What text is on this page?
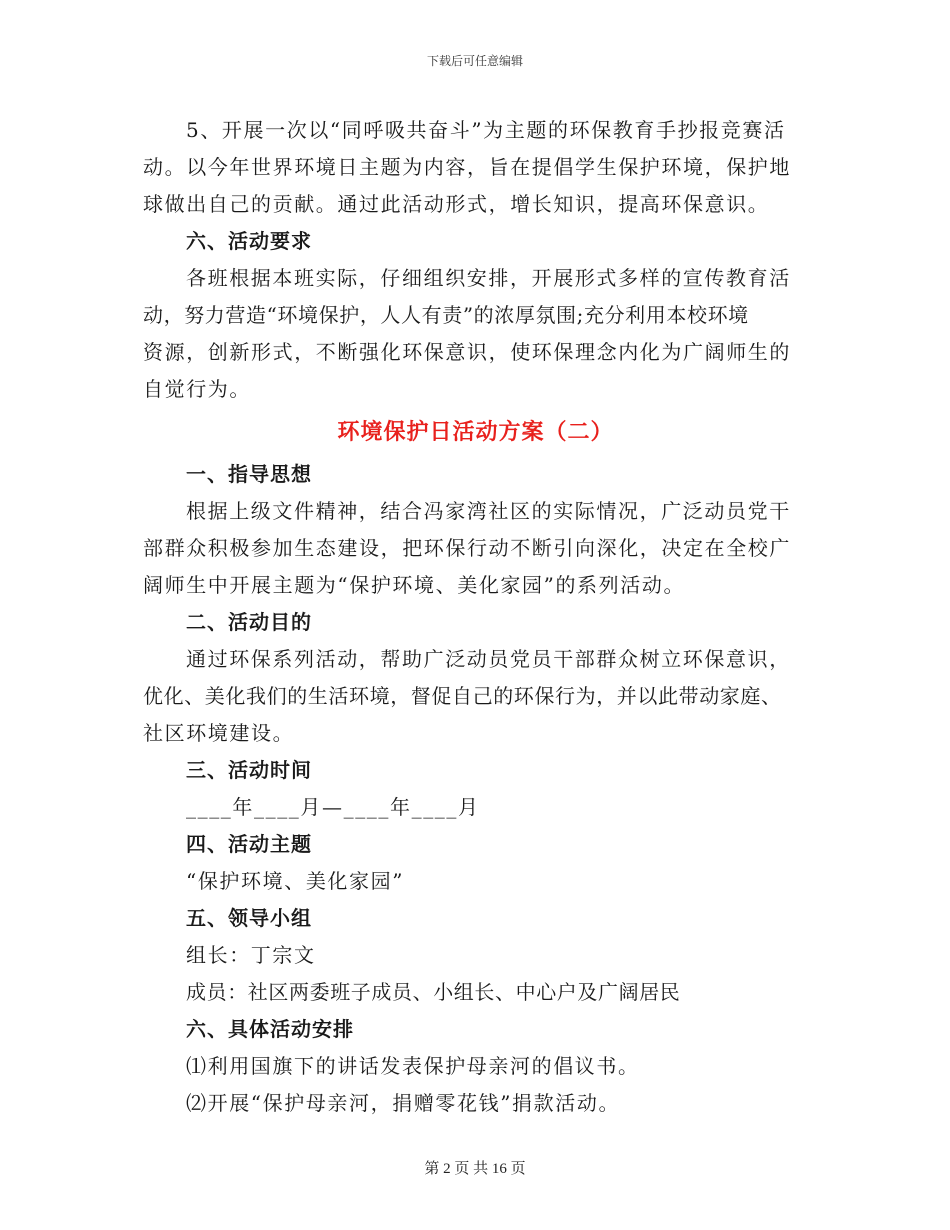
下载后可任意编辑
5、开展一次以“同呼吸共奋斗”为主题的环保教育手抄报竞赛活
动。以今年世界环境日主题为内容，旨在提倡学生保护环境，保护地
球做出自己的贡献。通过此活动形式，增长知识，提高环保意识。
六、活动要求
各班根据本班实际，仔细组织安排，开展形式多样的宣传教育活
动，努力营造“环境保护，人人有责”的浓厚氛围;充分利用本校环境
资源，创新形式，不断强化环保意识，使环保理念内化为广阔师生的
自觉行为。
环境保护日活动方案（二）
一、指导思想
根据上级文件精神，结合冯家湾社区的实际情况，广泛动员党干
部群众积极参加生态建设，把环保行动不断引向深化，决定在全校广
阔师生中开展主题为“保护环境、美化家园”的系列活动。
二、活动目的
通过环保系列活动，帮助广泛动员党员干部群众树立环保意识，
优化、美化我们的生活环境，督促自己的环保行为，并以此带动家庭、
社区环境建设。
三、活动时间
____年____月—____年____月
四、活动主题
“保护环境、美化家园”
五、领导小组
组长：丁宗文
成员：社区两委班子成员、小组长、中心户及广阔居民
六、具体活动安排
⑴利用国旗下的讲话发表保护母亲河的倡议书。
⑵开展“保护母亲河，捐赠零花钱”捐款活动。
第 2 页 共 16 页
